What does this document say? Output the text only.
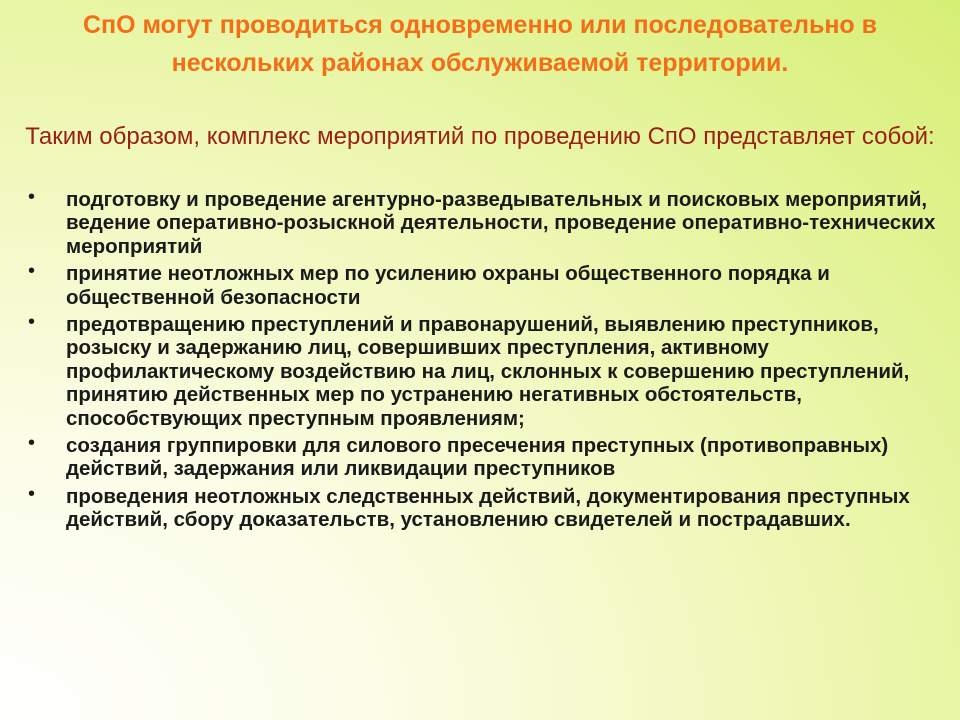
СпО могут проводиться одновременно или последовательно в нескольких районах обслуживаемой территории.

Таким образом, комплекс мероприятий по проведению СпО представляет собой:

• подготовку и проведение агентурно-разведывательных и поисковых мероприятий, ведение оперативно-розыскной деятельности, проведение оперативно-технических мероприятий
• принятие неотложных мер по усилению охраны общественного порядка и общественной безопасности
• предотвращению преступлений и правонарушений, выявлению преступников, розыску и задержанию лиц, совершивших преступления, активному профилактическому воздействию на лиц, склонных к совершению преступлений, принятию действенных мер по устранению негативных обстоятельств, способствующих преступным проявлениям;
• создания группировки для силового пресечения преступных (противоправных) действий, задержания или ликвидации преступников
• проведения неотложных следственных действий, документирования преступных действий, сбору доказательств, установлению свидетелей и пострадавших.
